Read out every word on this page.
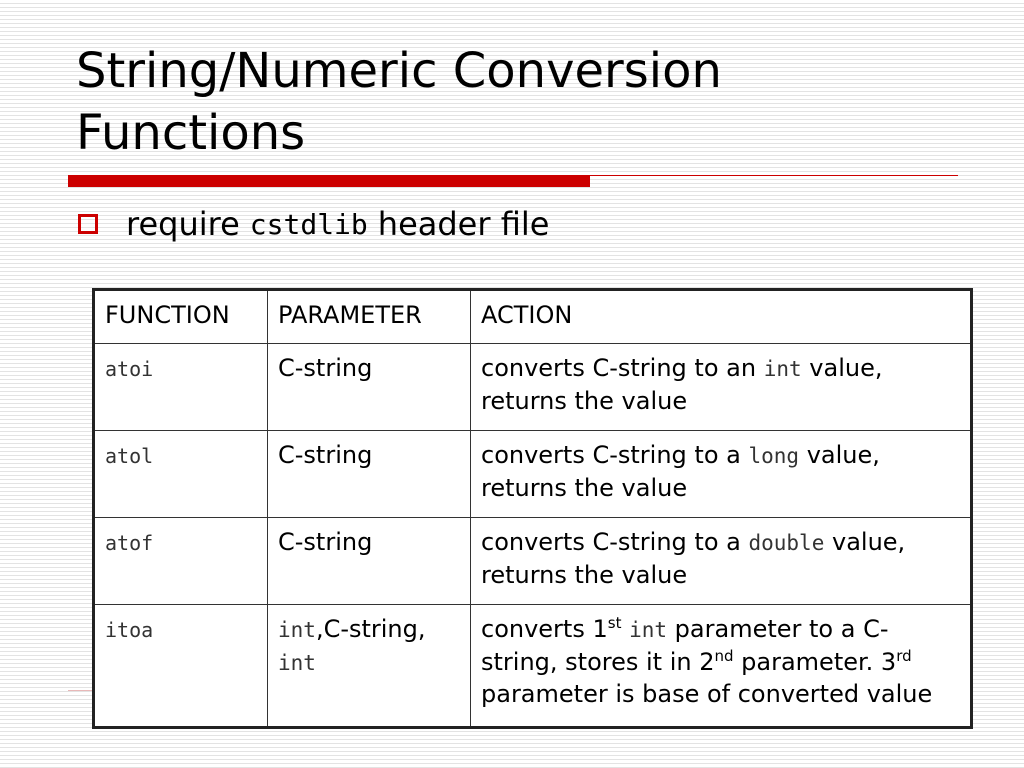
String/Numeric Conversion
Functions
require cstdlib header file
FUNCTION	PARAMETER	ACTION
atoi	C-string	converts C-string to an int value, returns the value
atol	C-string	converts C-string to a long value, returns the value
atof	C-string	converts C-string to a double value, returns the value
itoa	int,C-string, int	converts 1st int parameter to a C-string, stores it in 2nd parameter. 3rd parameter is base of converted value
